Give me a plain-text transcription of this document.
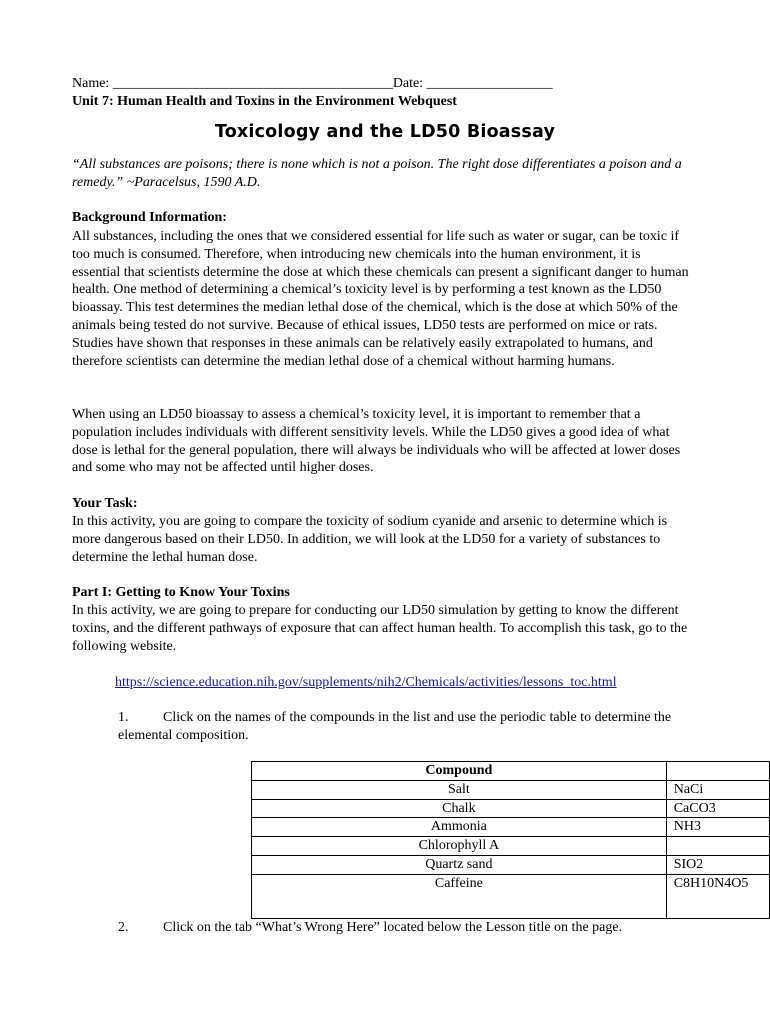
Name: ________________________________________Date: __________________
Unit 7: Human Health and Toxins in the Environment Webquest
Toxicology and the LD50 Bioassay
“All substances are poisons; there is none which is not a poison. The right dose differentiates a poison and a remedy.” ~Paracelsus, 1590 A.D.
Background Information:
All substances, including the ones that we considered essential for life such as water or sugar, can be toxic if too much is consumed. Therefore, when introducing new chemicals into the human environment, it is essential that scientists determine the dose at which these chemicals can present a significant danger to human health. One method of determining a chemical’s toxicity level is by performing a test known as the LD50 bioassay. This test determines the median lethal dose of the chemical, which is the dose at which 50% of the animals being tested do not survive. Because of ethical issues, LD50 tests are performed on mice or rats. Studies have shown that responses in these animals can be relatively easily extrapolated to humans, and therefore scientists can determine the median lethal dose of a chemical without harming humans.
When using an LD50 bioassay to assess a chemical’s toxicity level, it is important to remember that a population includes individuals with different sensitivity levels. While the LD50 gives a good idea of what dose is lethal for the general population, there will always be individuals who will be affected at lower doses and some who may not be affected until higher doses.
Your Task:
In this activity, you are going to compare the toxicity of sodium cyanide and arsenic to determine which is more dangerous based on their LD50. In addition, we will look at the LD50 for a variety of substances to determine the lethal human dose.
Part I: Getting to Know Your Toxins
In this activity, we are going to prepare for conducting our LD50 simulation by getting to know the different toxins, and the different pathways of exposure that can affect human health. To accomplish this task, go to the following website.
https://science.education.nih.gov/supplements/nih2/Chemicals/activities/lessons_toc.html
1. Click on the names of the compounds in the list and use the periodic table to determine the elemental composition.
Compound	
Salt	NaCi
Chalk	CaCO3
Ammonia	NH3
Chlorophyll A	
Quartz sand	SIO2
Caffeine	C8H10N4O5
2. Click on the tab “What’s Wrong Here” located below the Lesson title on the page.
